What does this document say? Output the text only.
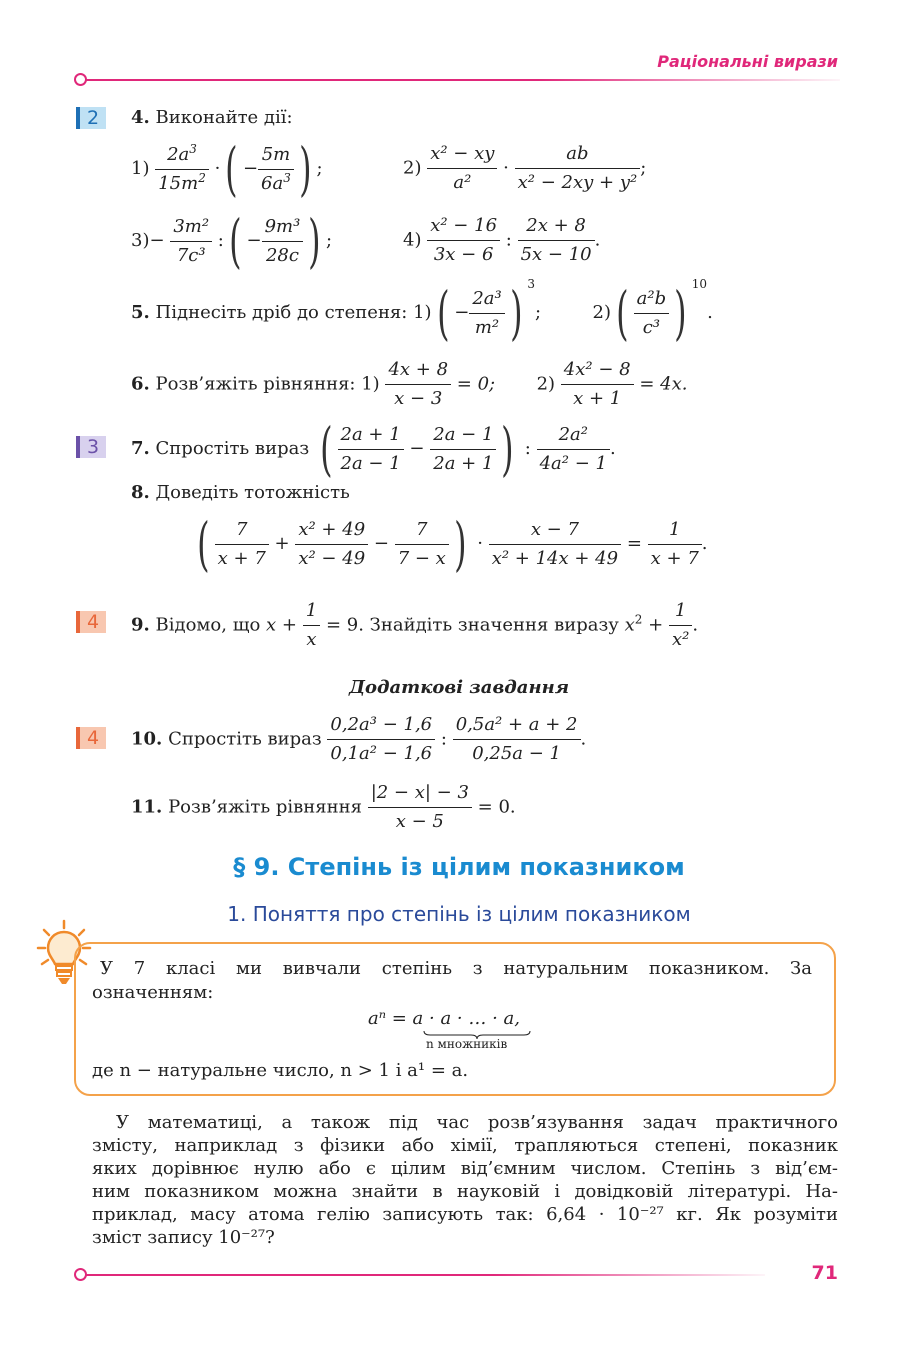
Раціональні вирази
2
3
4
4
4. Виконайте дії:
$1) \frac{2a^3}{15m^2}$ ·( − $\frac{5m}{6a^3}$ ) ;	$2) \frac{\text{x² − xy}}{\text{a²}} \cdot \frac{ab}{\text{x² − 2xy + y²}}$ ;
$3)- \frac{\text{3m²}}{\text{7c³}}$ :( − $\frac{\text{9m³}}{28c}$ ) ;	$4) \frac{\text{x² − 16}}{3x - 6}$ : $\frac{2x + 8}{5x - 10}$ .
5. Піднесіть дріб до степеня: $1)( - \frac{\text{2a³}}{\text{m²}}$ ) $^3$;	$2)( \frac{\text{a²b}}{\text{c³}}$ ) $^{10}$.
6. Розв’яжіть рівняння: $1) \frac{4x + 8}{x - 3} = 0$; $2) \frac{\text{4x² − 8}}{x + 1} = 4x$.
7. Спростіть вираз ( $\frac{2a + 1}{2a - 1} - \frac{2a - 1}{2a + 1}$ ) : $\frac{\text{2a²}}{\text{4a² − 1}}$ .
8. Доведіть тотожність
( $\frac{7}{x + 7} + \frac{\text{x² + 49}}{\text{x² − 49}} - \frac{7}{7 - x}$ ) · $\frac{x - 7}{\text{x² + 14x + 49}} = \frac{1}{x + 7}$ .
9. Відомо, що $x + \frac{1}{x} = 9$. Знайдіть значення виразу $x^2 + \frac{1}{\text{x²}}$ .
Додаткові завдання
10. Спростіть вираз $\frac{\text{0,2a³ − 1,6}}{\text{0,1a² − 1,6}}$ : $\frac{\text{0,5a² + a + 2}}{0,25a - 1}$ .
11. Розв’яжіть рівняння $\frac{|2 - x| - 3}{x - 5} = 0$.
§ 9. Степінь із цілим показником
1. Поняття про степінь із цілим показником
У 7 класі ми вивчали степінь з натуральним показником. За
означенням:
aⁿ = a · a · … · a,
n множників
де n − натуральне число, n > 1 і a¹ = a.
У математиці, а також під час розв’язування задач практичного
змісту, наприклад з фізики або хімії, трапляються степені, показник
яких дорівнює нулю або є цілим від’ємним числом. Степінь з від’єм-
ним показником можна знайти в науковій і довідковій літературі. На-
приклад, масу атома гелію записують так: 6,64 · 10⁻²⁷ кг. Як розуміти
зміст запису 10⁻²⁷?
71
